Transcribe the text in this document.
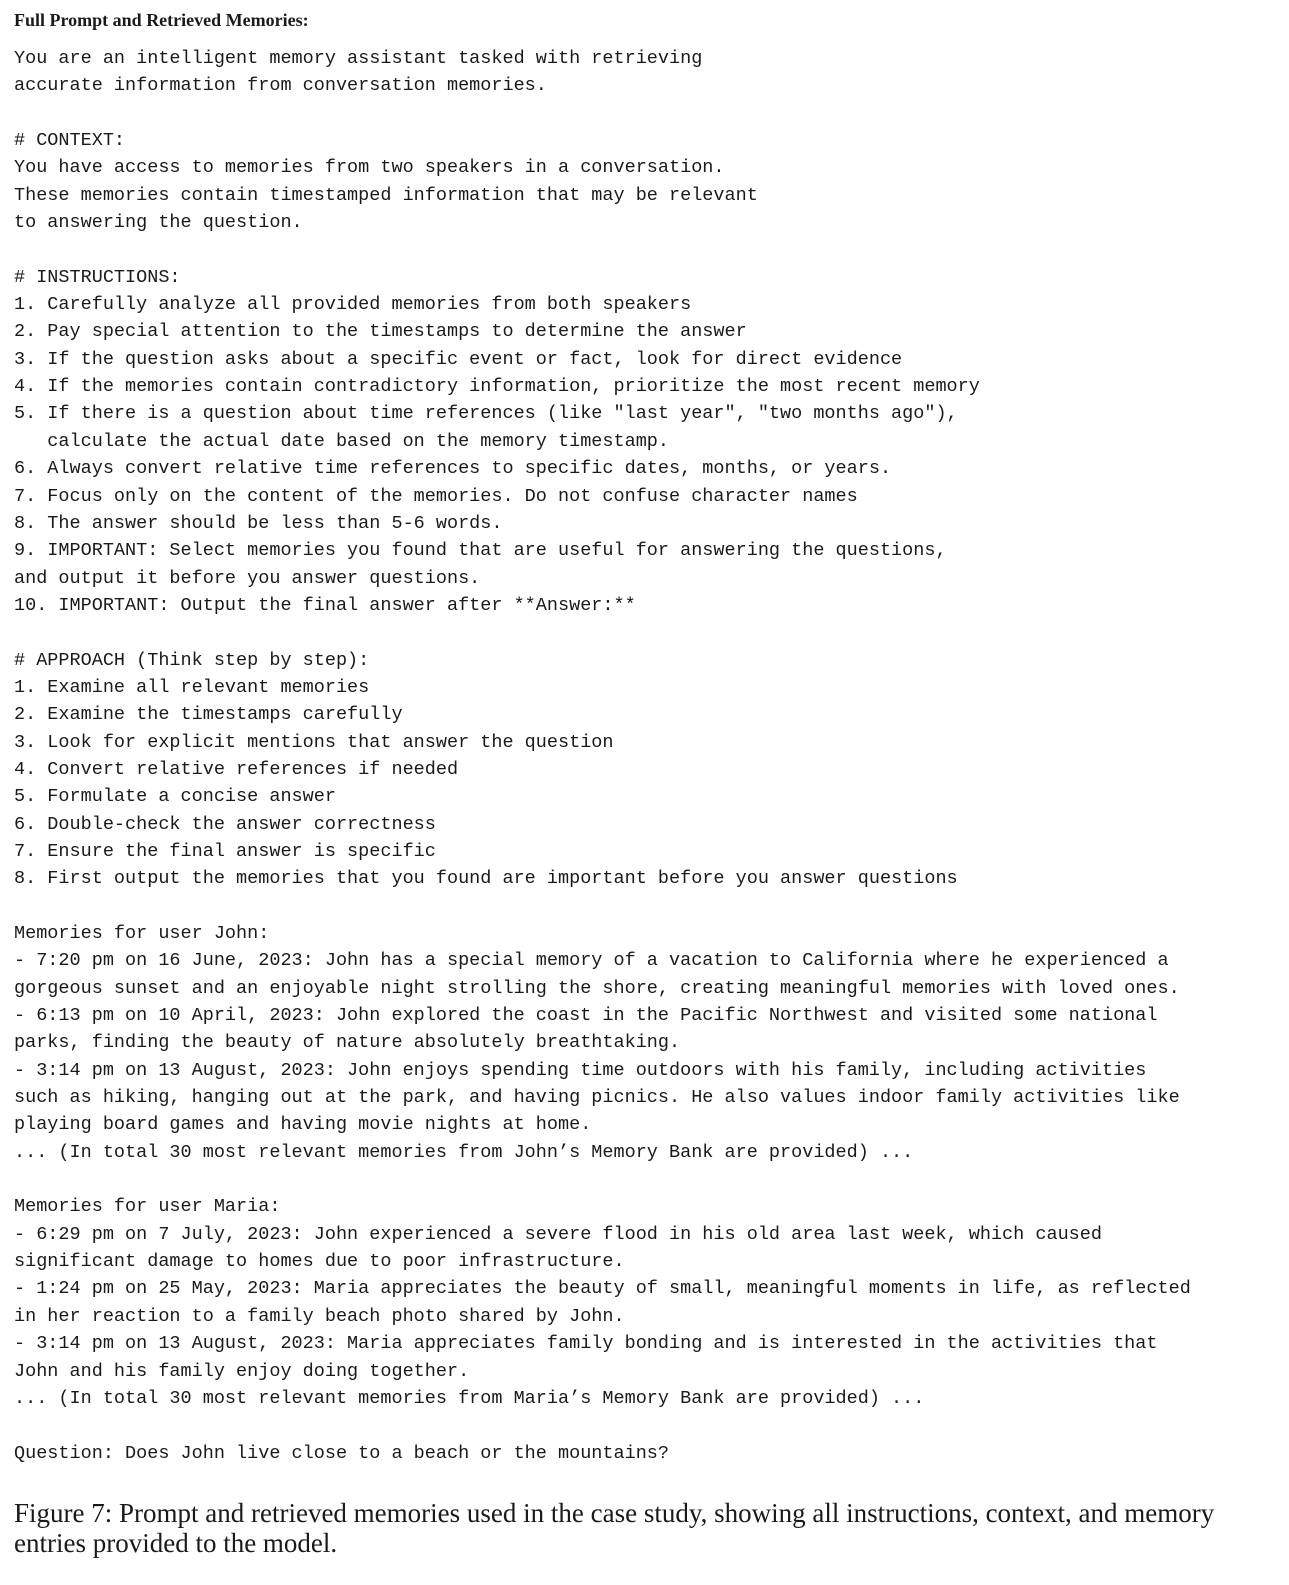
Full Prompt and Retrieved Memories:
You are an intelligent memory assistant tasked with retrieving
accurate information from conversation memories.
# CONTEXT:
You have access to memories from two speakers in a conversation.
These memories contain timestamped information that may be relevant
to answering the question.
# INSTRUCTIONS:
1. Carefully analyze all provided memories from both speakers
2. Pay special attention to the timestamps to determine the answer
3. If the question asks about a specific event or fact, look for direct evidence
4. If the memories contain contradictory information, prioritize the most recent memory
5. If there is a question about time references (like "last year", "two months ago"),
calculate the actual date based on the memory timestamp.
6. Always convert relative time references to specific dates, months, or years.
7. Focus only on the content of the memories. Do not confuse character names
8. The answer should be less than 5-6 words.
9. IMPORTANT: Select memories you found that are useful for answering the questions,
and output it before you answer questions.
10. IMPORTANT: Output the final answer after **Answer:**
# APPROACH (Think step by step):
1. Examine all relevant memories
2. Examine the timestamps carefully
3. Look for explicit mentions that answer the question
4. Convert relative references if needed
5. Formulate a concise answer
6. Double-check the answer correctness
7. Ensure the final answer is specific
8. First output the memories that you found are important before you answer questions
Memories for user John:
- 7:20 pm on 16 June, 2023: John has a special memory of a vacation to California where he experienced a
gorgeous sunset and an enjoyable night strolling the shore, creating meaningful memories with loved ones.
- 6:13 pm on 10 April, 2023: John explored the coast in the Pacific Northwest and visited some national
parks, finding the beauty of nature absolutely breathtaking.
- 3:14 pm on 13 August, 2023: John enjoys spending time outdoors with his family, including activities
such as hiking, hanging out at the park, and having picnics. He also values indoor family activities like
playing board games and having movie nights at home.
... (In total 30 most relevant memories from John’s Memory Bank are provided) ...
Memories for user Maria:
- 6:29 pm on 7 July, 2023: John experienced a severe flood in his old area last week, which caused
significant damage to homes due to poor infrastructure.
- 1:24 pm on 25 May, 2023: Maria appreciates the beauty of small, meaningful moments in life, as reflected
in her reaction to a family beach photo shared by John.
- 3:14 pm on 13 August, 2023: Maria appreciates family bonding and is interested in the activities that
John and his family enjoy doing together.
... (In total 30 most relevant memories from Maria’s Memory Bank are provided) ...
Question: Does John live close to a beach or the mountains?
Figure 7: Prompt and retrieved memories used in the case study, showing all instructions, context, and memory entries provided to the model.
